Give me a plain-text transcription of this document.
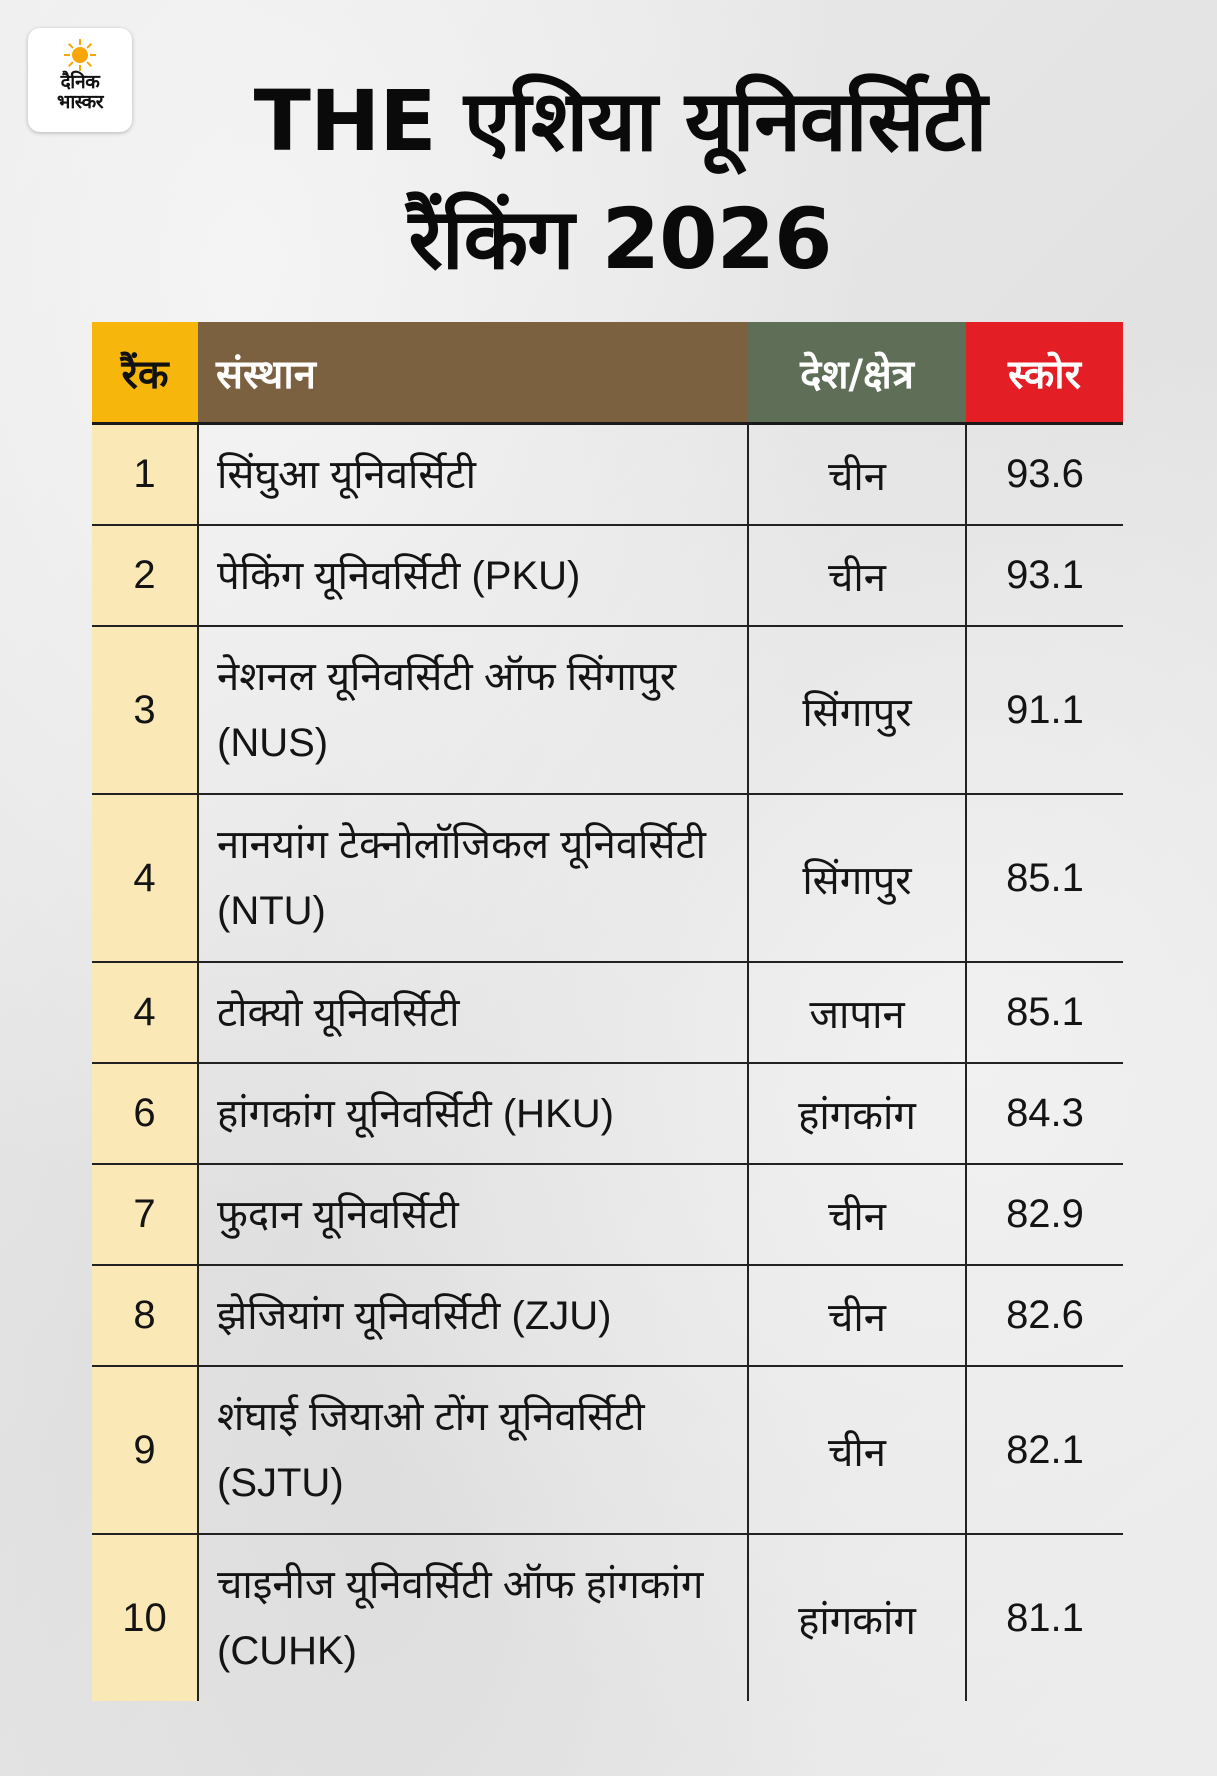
दैनिक
भास्कर	THE एशिया यूनिवर्सिटी
रैंकिंग 2026
रैंक	संस्थान	देश/क्षेत्र	स्कोर
1	सिंघुआ यूनिवर्सिटी	चीन	93.6
2	पेकिंग यूनिवर्सिटी (PKU)	चीन	93.1
3	नेशनल यूनिवर्सिटी ऑफ सिंगापुर (NUS)	सिंगापुर	91.1
4	नानयांग टेक्नोलॉजिकल यूनिवर्सिटी (NTU)	सिंगापुर	85.1
4	टोक्यो यूनिवर्सिटी	जापान	85.1
6	हांगकांग यूनिवर्सिटी (HKU)	हांगकांग	84.3
7	फुदान यूनिवर्सिटी	चीन	82.9
8	झेजियांग यूनिवर्सिटी (ZJU)	चीन	82.6
9	शंघाई जियाओ टोंग यूनिवर्सिटी (SJTU)	चीन	82.1
10	चाइनीज यूनिवर्सिटी ऑफ हांगकांग (CUHK)	हांगकांग	81.1
